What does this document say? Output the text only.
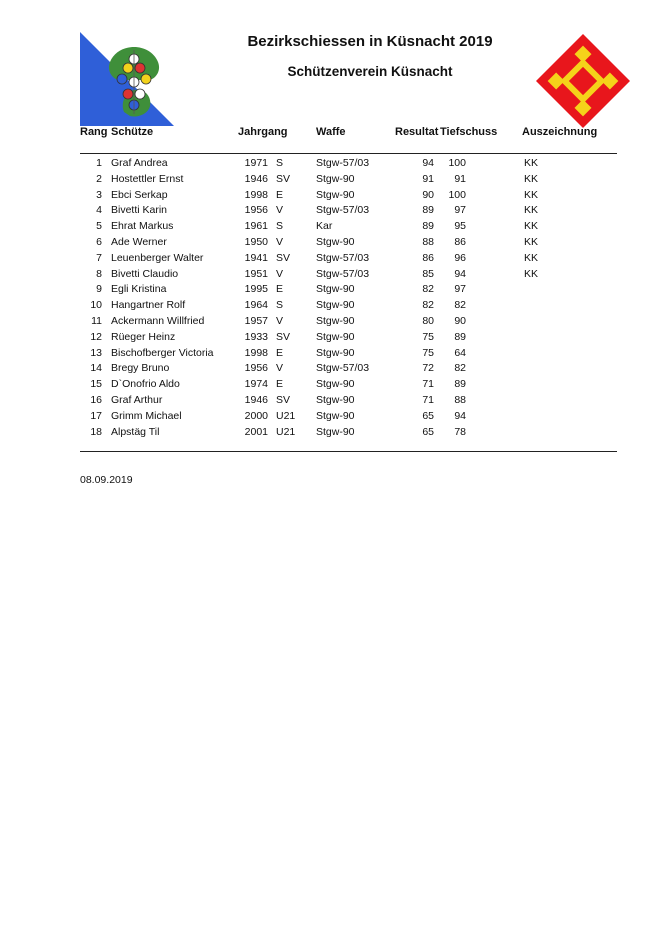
Bezirkschiessen in Küsnacht 2019
Schützenverein Küsnacht
Rang Schütze	Jahrgang	Waffe	Resultat Tiefschuss Auszeichnung
1 Graf Andrea	1971 S	Stgw-57/03	94	100	KK
2 Hostettler Ernst	1946 SV Stgw-90	91	91	KK
3 Ebci Serkap	1998 E	Stgw-90	90	100	KK
4 Bivetti Karin	1956 V	Stgw-57/03	89	97	KK
5 Ehrat Markus	1961 S	Kar	89	95	KK
6 Ade Werner	1950 V	Stgw-90	88	86	KK
7 Leuenberger Walter	1941 SV Stgw-57/03	86	96	KK
8 Bivetti Claudio	1951 V	Stgw-57/03	85	94	KK
9 Egli Kristina	1995 E	Stgw-90	82	97
10 Hangartner Rolf	1964 S	Stgw-90	82	82
11 Ackermann Willfried	1957 V	Stgw-90	80	90
12 Rüeger Heinz	1933 SV Stgw-90	75	89
13 Bischofberger Victoria	1998 E	Stgw-90	75	64
14 Bregy Bruno	1956 V	Stgw-57/03	72	82
15 D`Onofrio Aldo	1974 E	Stgw-90	71	89
16 Graf Arthur	1946 SV Stgw-90	71	88
17 Grimm Michael	2000 U21 Stgw-90	65	94
18 Alpstäg Til	2001 U21 Stgw-90	65	78
08.09.2019
